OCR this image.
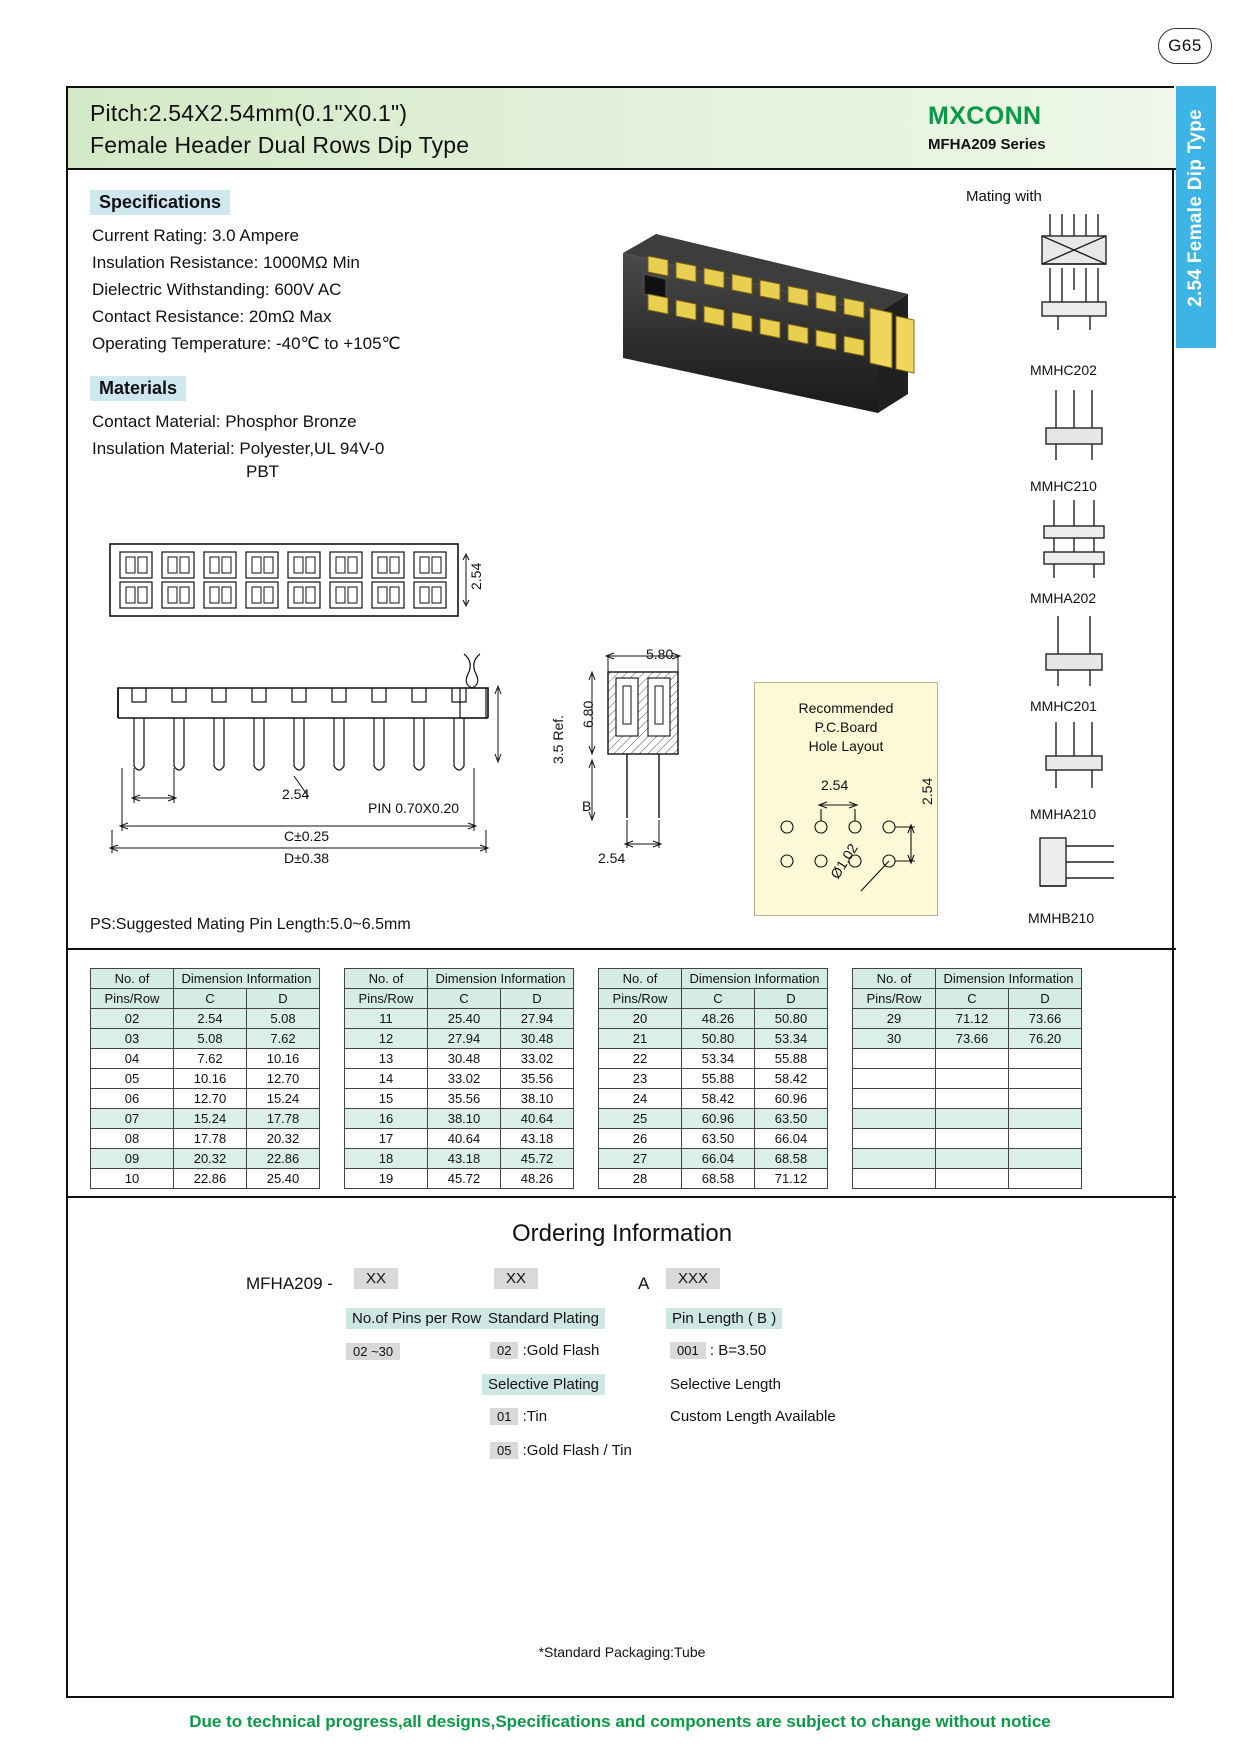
G65
2.54 Female Dip Type
Pitch:2.54X2.54mm(0.1"X0.1")
Female Header Dual Rows Dip Type
MXCONN
MFHA209 Series
Specifications
Current Rating: 3.0 Ampere
Insulation Resistance: 1000MΩ Min
Dielectric Withstanding: 600V AC
Contact Resistance: 20mΩ Max
Operating Temperature: -40℃ to +105℃
Materials
Contact Material: Phosphor Bronze
Insulation Material: Polyester,UL 94V-0
PBT
Mating with
MMHC202
MMHC210
MMHA202
MMHC201
MMHA210
MMHB210
2.54
3.5 Ref.
2.54
PIN 0.70X0.20
C±0.25
D±0.38
5.80
6.80
B
2.54
Recommended
P.C.Board
Hole Layout
2.54	2.54
Ø1.02
PS:Suggested Mating Pin Length:5.0~6.5mm
No. of	Dimension Information	
Pins/Row	C	D
02	2.54	5.08
03	5.08	7.62
04	7.62	10.16
05	10.16	12.70
06	12.70	15.24
07	15.24	17.78
08	17.78	20.32
09	20.32	22.86
10	22.86	25.40
No. of	Dimension Information	
Pins/Row	C	D
11	25.40	27.94
12	27.94	30.48
13	30.48	33.02
14	33.02	35.56
15	35.56	38.10
16	38.10	40.64
17	40.64	43.18
18	43.18	45.72
19	45.72	48.26
No. of	Dimension Information	
Pins/Row	C	D
20	48.26	50.80
21	50.80	53.34
22	53.34	55.88
23	55.88	58.42
24	58.42	60.96
25	60.96	63.50
26	63.50	66.04
27	66.04	68.58
28	68.58	71.12
No. of	Dimension Information	
Pins/Row	C	D
29	71.12	73.66
30	73.66	76.20

Ordering Information
MFHA209 -	XX	XX	A	XXX
No.of Pins per Row
02 ~30
Standard Plating
02 :Gold Flash
Selective Plating
01 :Tin
05 :Gold Flash / Tin
Pin Length ( B )
001 : B=3.50
Selective Length
Custom Length Available
*Standard Packaging:Tube
Due to technical progress,all designs,Specifications and components are subject to change without notice
